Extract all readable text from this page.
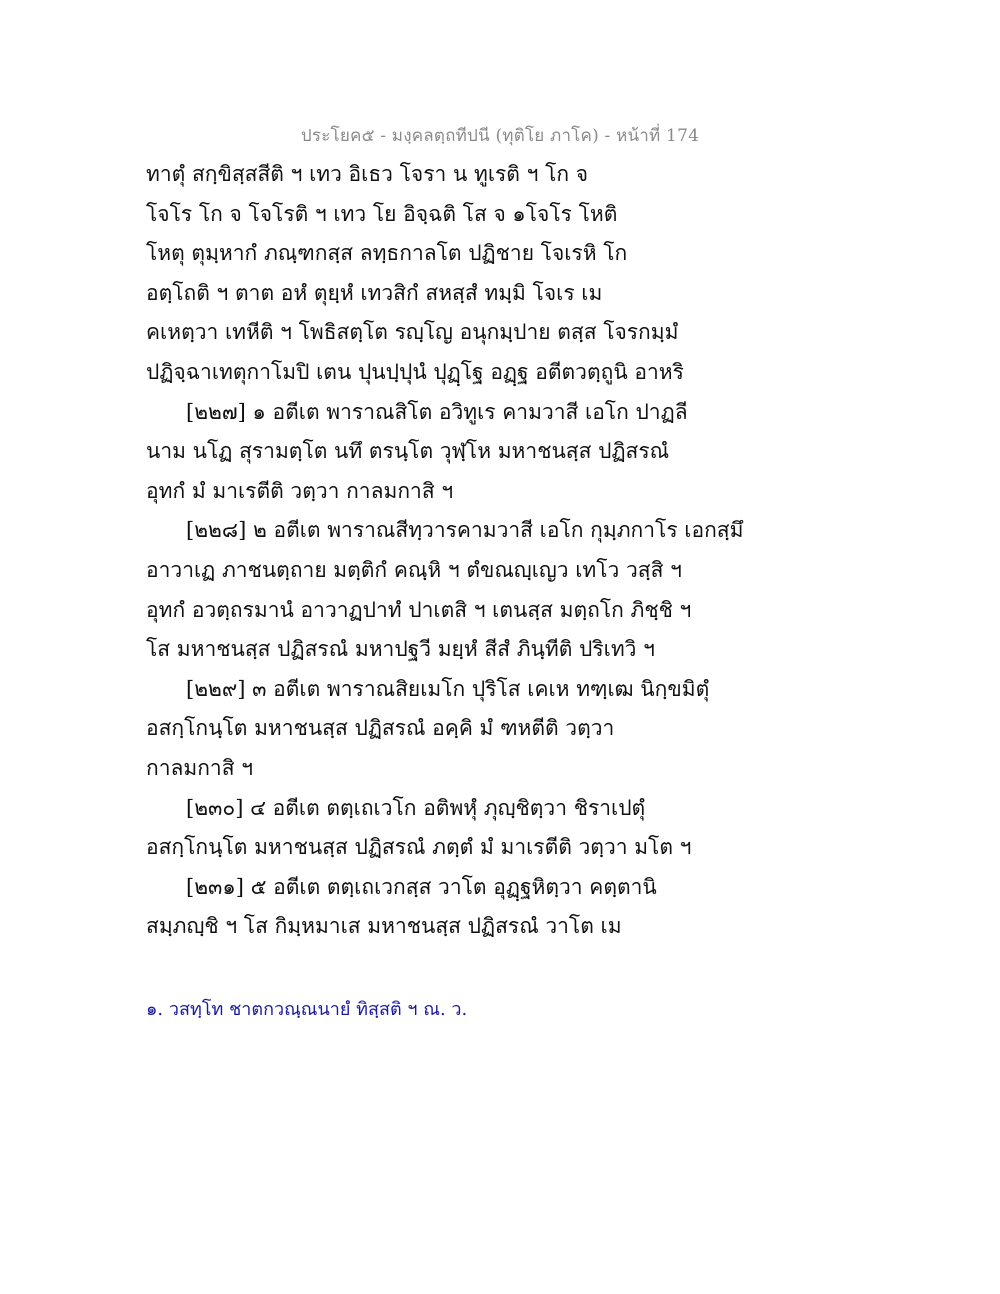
ประโยค๕ - มงฺคลตฺถทีปนี (ทุติโย ภาโค) - หน้าที่ 174
ทาตุํ สกฺขิสฺสสีติ ฯ เทว อิเธว โจรา น ทูเรติ ฯ โก จ
โจโร โก จ โจโรติ ฯ เทว โย อิจฺฉติ โส จ ๑โจโร โหติ
โหตุ ตุมฺหากํ ภณฺฑกสฺส ลทฺธกาลโต ปฏิชาย โจเรหิ โก
อตฺโถติ ฯ ตาต อหํ ตุยฺหํ เทวสิกํ สหสฺสํ ทมฺมิ โจเร เม
คเหตฺวา เทหีติ ฯ โพธิสตฺโต รญฺโญ อนุกมฺปาย ตสฺส โจรกมฺมํ
ปฏิจฺฉาเทตุกาโมปิ เตน ปุนปฺปุนํ ปุฏฺโฐ อฏฺฐ อตีตวตฺถูนิ อาหริ
[๒๒๗] ๑ อตีเต พาราณสิโต อวิทูเร คามวาสี เอโก ปาฏลี
นาม นโฏ สุรามตฺโต นทึ ตรนฺโต วุฬฺโห มหาชนสฺส ปฏิสรณํ
อุทกํ มํ มาเรตีติ วตฺวา กาลมกาสิ ฯ
[๒๒๘] ๒ อตีเต พาราณสีทฺวารคามวาสี เอโก กุมฺภกาโร เอกสฺมึ
อาวาเฏ ภาชนตฺถาย มตฺติกํ คณฺหิ ฯ ตํขณญฺเญว เทโว วสฺสิ ฯ
อุทกํ อวตฺถรมานํ อาวาฏปาทํ ปาเตสิ ฯ เตนสฺส มตฺถโก ภิชฺชิ ฯ
โส มหาชนสฺส ปฏิสรณํ มหาปฐวี มยฺหํ สีสํ ภินฺทีติ ปริเทวิ ฯ
[๒๒๙] ๓ อตีเต พาราณสิยเมโก ปุริโส เคเห ทฑฺเฒ นิกฺขมิตุํ
อสกฺโกนฺโต มหาชนสฺส ปฏิสรณํ อคฺคิ มํ ฑหตีติ วตฺวา
กาลมกาสิ ฯ
[๒๓๐] ๔ อตีเต ตตฺเถเวโก อติพหุํ ภุญฺชิตฺวา ชิราเปตุํ
อสกฺโกนฺโต มหาชนสฺส ปฏิสรณํ ภตฺตํ มํ มาเรตีติ วตฺวา มโต ฯ
[๒๓๑] ๕ อตีเต ตตฺเถเวกสฺส วาโต อุฏฺฐหิตฺวา คตฺตานิ
สมฺภญฺชิ ฯ โส กิมฺหมาเส มหาชนสฺส ปฏิสรณํ วาโต เม
๑. วสทฺโท ชาตกวณฺณนายํ ทิสฺสติ ฯ ณ. ว.
